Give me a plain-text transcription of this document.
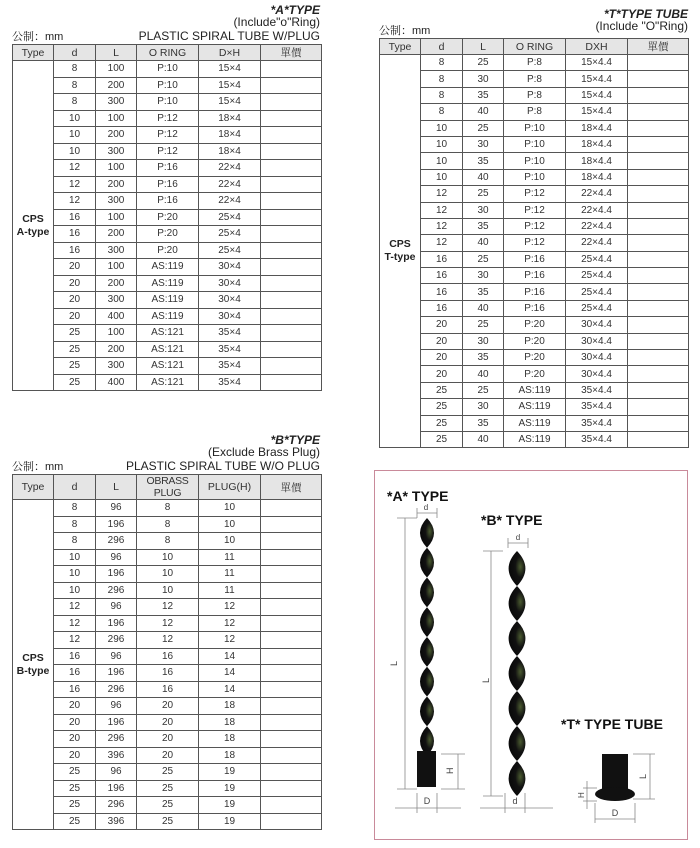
*A*TYPE
(Include"o"Ring)
公制：mm	PLASTIC SPIRAL TUBE W/PLUG
Type	d	L	O RING	D×H	單價

CPS
A-type	8	100	P:10	15×4	
	8	200	P:10	15×4	
	8	300	P:10	15×4	
	10	100	P:12	18×4	
	10	200	P:12	18×4	
	10	300	P:12	18×4	
	12	100	P:16	22×4	
	12	200	P:16	22×4	
	12	300	P:16	22×4	
	16	100	P:20	25×4	
	16	200	P:20	25×4	
	16	300	P:20	25×4	
	20	100	AS:119	30×4	
	20	200	AS:119	30×4	
	20	300	AS:119	30×4	
	20	400	AS:119	30×4	
	25	100	AS:121	35×4	
	25	200	AS:121	35×4	
	25	300	AS:121	35×4	
	25	400	AS:121	35×4	
*T*TYPE TUBE
(Include "O"Ring)
公制：mm
Type	d	L	O RING	DXH	單價

CPS
T-type	8	25	P:8	15×4.4	
	8	30	P:8	15×4.4	
	8	35	P:8	15×4.4	
	8	40	P:8	15×4.4	
	10	25	P:10	18×4.4	
	10	30	P:10	18×4.4	
	10	35	P:10	18×4.4	
	10	40	P:10	18×4.4	
	12	25	P:12	22×4.4	
	12	30	P:12	22×4.4	
	12	35	P:12	22×4.4	
	12	40	P:12	22×4.4	
	16	25	P:16	25×4.4	
	16	30	P:16	25×4.4	
	16	35	P:16	25×4.4	
	16	40	P:16	25×4.4	
	20	25	P:20	30×4.4	
	20	30	P:20	30×4.4	
	20	35	P:20	30×4.4	
	20	40	P:20	30×4.4	
	25	25	AS:119	35×4.4	
	25	30	AS:119	35×4.4	
	25	35	AS:119	35×4.4	
	25	40	AS:119	35×4.4	
*B*TYPE
(Exclude Brass Plug)
公制：mm	PLASTIC SPIRAL TUBE W/O PLUG
Type	d	L	OBRASS PLUG	PLUG(H)	單價

CPS
B-type	8	96	8	10	
	8	196	8	10	
	8	296	8	10	
	10	96	10	11	
	10	196	10	11	
	10	296	10	11	
	12	96	12	12	
	12	196	12	12	
	12	296	12	12	
	16	96	16	14	
	16	196	16	14	
	16	296	16	14	
	20	96	20	18	
	20	196	20	18	
	20	296	20	18	
	20	396	20	18	
	25	96	25	19	
	25	196	25	19	
	25	296	25	19	
	25	396	25	19	
*A* TYPE
*B* TYPE
*T* TYPE TUBE
d
L
H
D
d
L
d
L
H
D
